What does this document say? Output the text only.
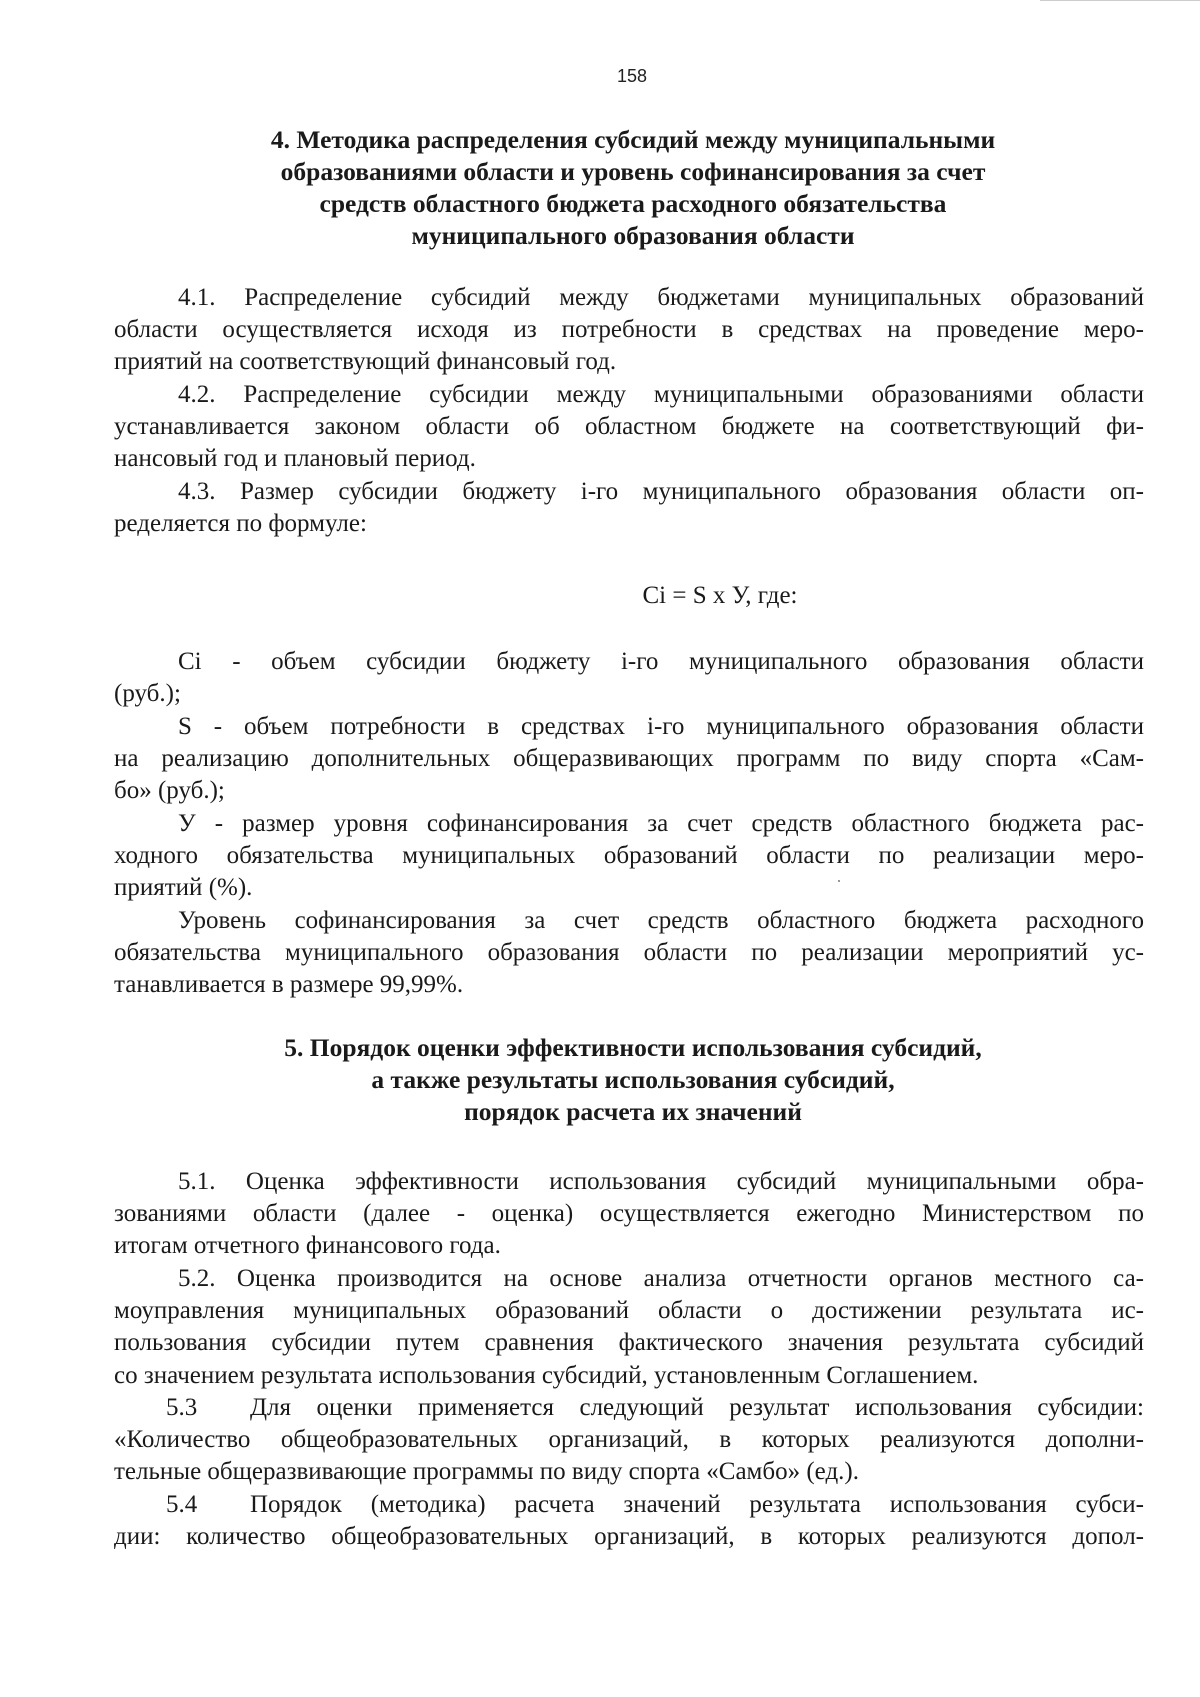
158
4. Методика распределения субсидий между муниципальными
образованиями области и уровень софинансирования за счет
средств областного бюджета расходного обязательства
муниципального образования области

4.1. Распределение субсидий между бюджетами муниципальных образований
области осуществляется исходя из потребности в средствах на проведение меро-
приятий на соответствующий финансовый год.

4.2. Распределение субсидии между муниципальными образованиями области
устанавливается законом области об областном бюджете на соответствующий фи-
нансовый год и плановый период.

4.3. Размер субсидии бюджету i-го муниципального образования области оп-
ределяется по формуле:

Ci = S x У, где:

Ci - объем субсидии бюджету i-го муниципального образования области
(руб.);

S - объем потребности в средствах i-го муниципального образования области
на реализацию дополнительных общеразвивающих программ по виду спорта «Сам-
бо» (руб.);

У - размер уровня софинансирования за счет средств областного бюджета рас-
ходного обязательства муниципальных образований области по реализации меро-
приятий (%).

Уровень софинансирования за счет средств областного бюджета расходного
обязательства муниципального образования области по реализации мероприятий ус-
танавливается в размере 99,99%.

5. Порядок оценки эффективности использования субсидий,
а также результаты использования субсидий,
порядок расчета их значений

5.1. Оценка эффективности использования субсидий муниципальными обра-
зованиями области (далее - оценка) осуществляется ежегодно Министерством по
итогам отчетного финансового года.

5.2. Оценка производится на основе анализа отчетности органов местного са-
моуправления муниципальных образований области о достижении результата ис-
пользования субсидии путем сравнения фактического значения результата субсидий
со значением результата использования субсидий, установленным Соглашением.

5.3 Для оценки применяется следующий результат использования субсидии:
«Количество общеобразовательных организаций, в которых реализуются дополни-
тельные общеразвивающие программы по виду спорта «Самбо» (ед.).
5.4 Порядок (методика) расчета значений результата использования субси-
дии: количество общеобразовательных организаций, в которых реализуются допол-
